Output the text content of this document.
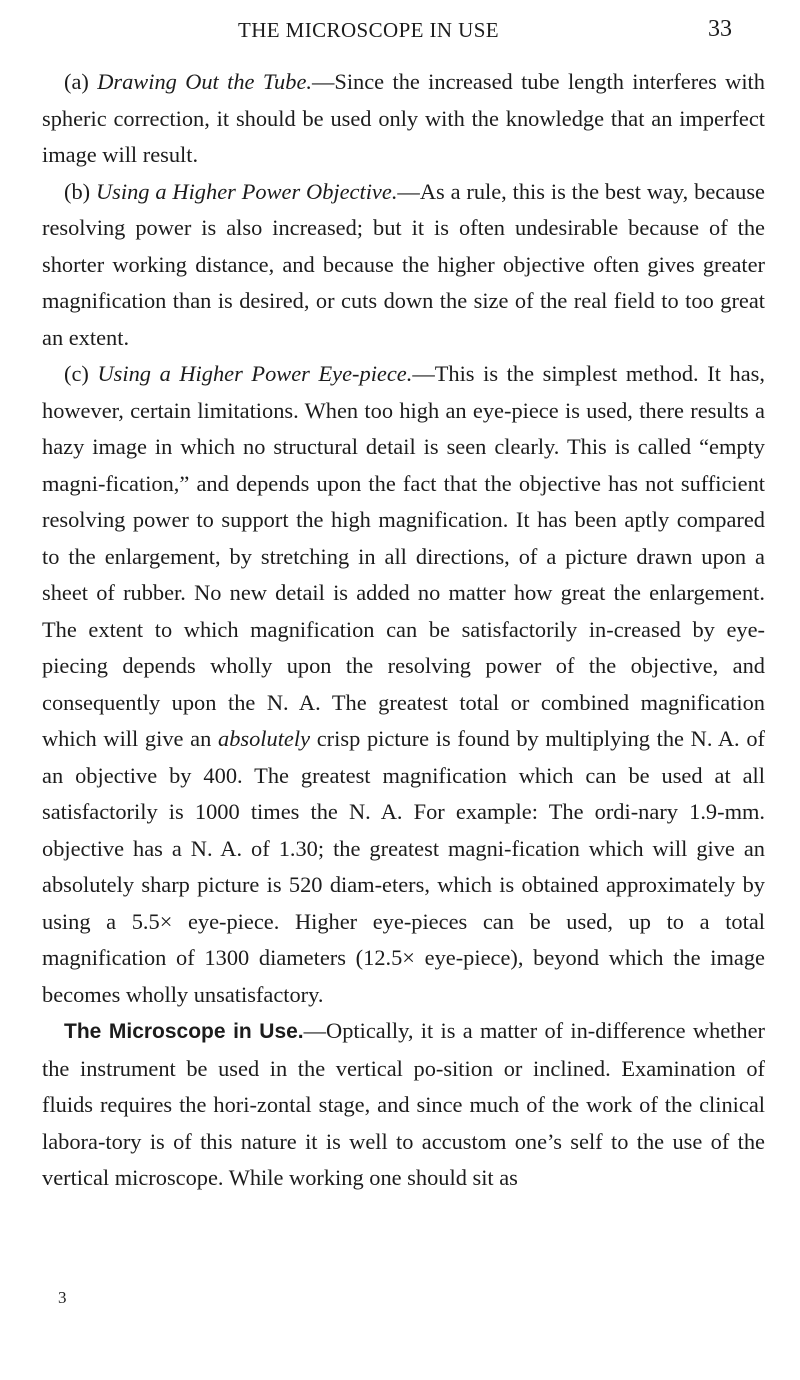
THE MICROSCOPE IN USE	33

(a) Drawing Out the Tube.—Since the increased tube length interferes with spheric correction, it should be used only with the knowledge that an imperfect image will result.

(b) Using a Higher Power Objective.—As a rule, this is the best way, because resolving power is also increased; but it is often undesirable because of the shorter working distance, and because the higher objective often gives greater magnification than is desired, or cuts down the size of the real field to too great an extent.

(c) Using a Higher Power Eye-piece.—This is the simplest method. It has, however, certain limitations. When too high an eye-piece is used, there results a hazy image in which no structural detail is seen clearly. This is called “empty magni-fication,” and depends upon the fact that the objective has not sufficient resolving power to support the high magnification. It has been aptly compared to the enlargement, by stretching in all directions, of a picture drawn upon a sheet of rubber. No new detail is added no matter how great the enlargement. The extent to which magnification can be satisfactorily in-creased by eye-piecing depends wholly upon the resolving power of the objective, and consequently upon the N. A. The greatest total or combined magnification which will give an absolutely crisp picture is found by multiplying the N. A. of an objective by 400. The greatest magnification which can be used at all satisfactorily is 1000 times the N. A. For example: The ordi-nary 1.9-mm. objective has a N. A. of 1.30; the greatest magni-fication which will give an absolutely sharp picture is 520 diam-eters, which is obtained approximately by using a 5.5× eye-piece. Higher eye-pieces can be used, up to a total magnification of 1300 diameters (12.5× eye-piece), beyond which the image becomes wholly unsatisfactory.

The Microscope in Use.—Optically, it is a matter of in-difference whether the instrument be used in the vertical po-sition or inclined. Examination of fluids requires the hori-zontal stage, and since much of the work of the clinical labora-tory is of this nature it is well to accustom one’s self to the use of the vertical microscope. While working one should sit as

3
